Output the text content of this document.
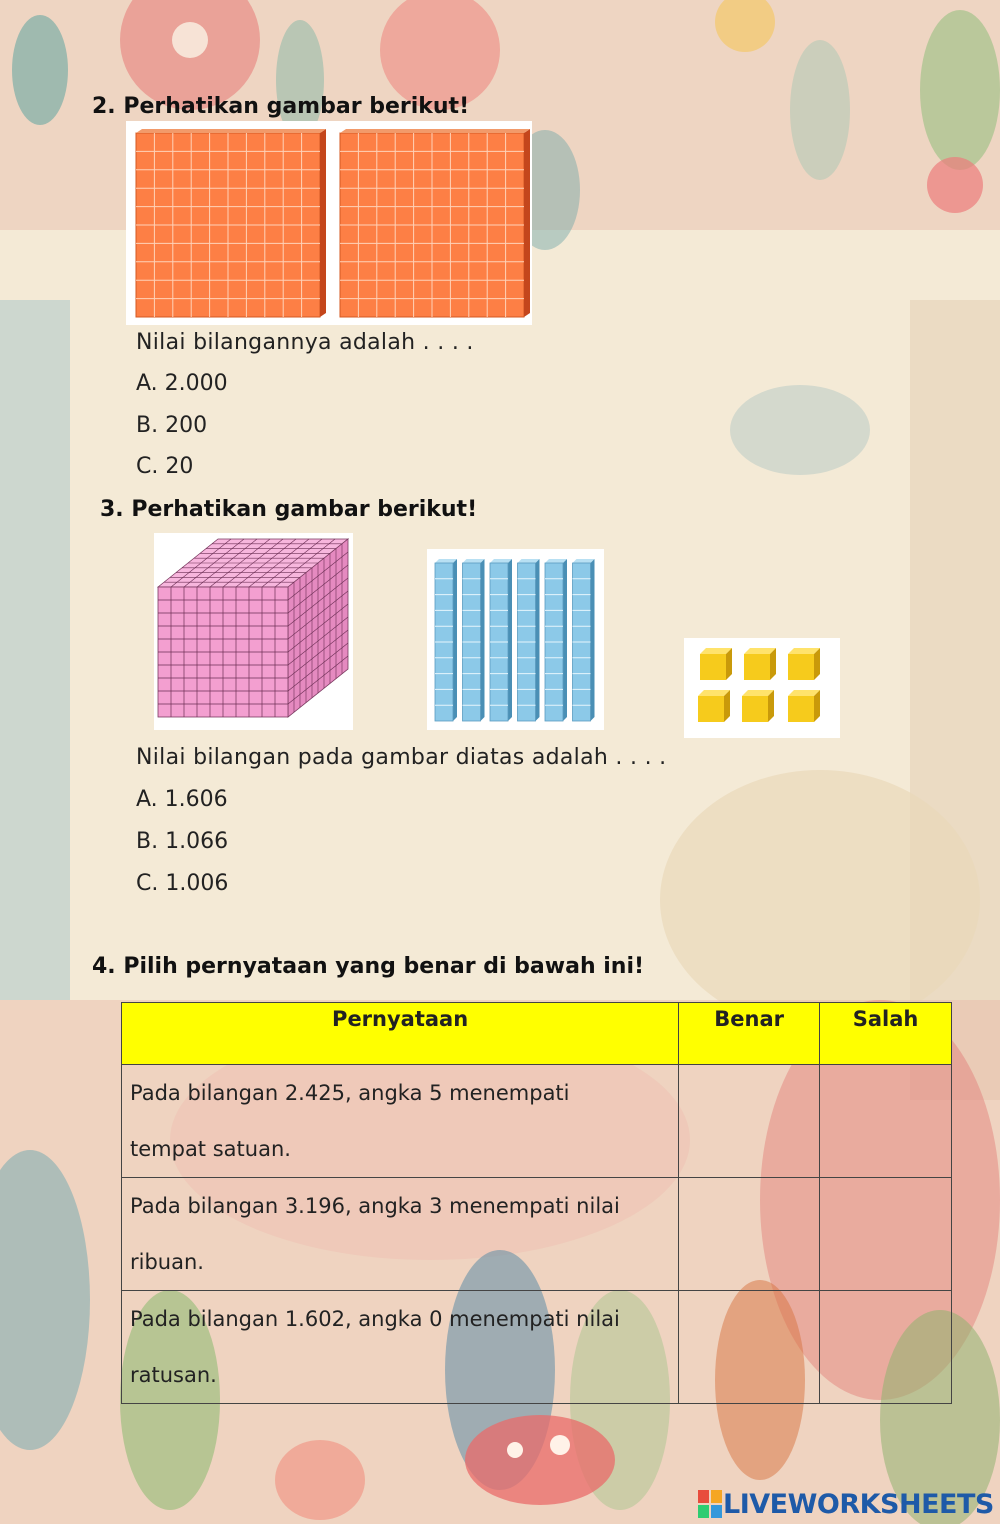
2. Perhatikan gambar berikut!
Nilai bilangannya adalah . . . .
A. 2.000
B. 200
C. 20
3. Perhatikan gambar berikut!
Nilai bilangan pada gambar diatas adalah . . . .
A. 1.606
B. 1.066
C. 1.006
4. Pilih pernyataan yang benar di bawah ini!
Pernyataan	Benar	Salah

Pada bilangan 2.425, angka 5 menempati
tempat satuan.		

Pada bilangan 3.196, angka 3 menempati nilai
ribuan.		

Pada bilangan 1.602, angka 0 menempati nilai
ratusan.		

LIVEWORKSHEETS
